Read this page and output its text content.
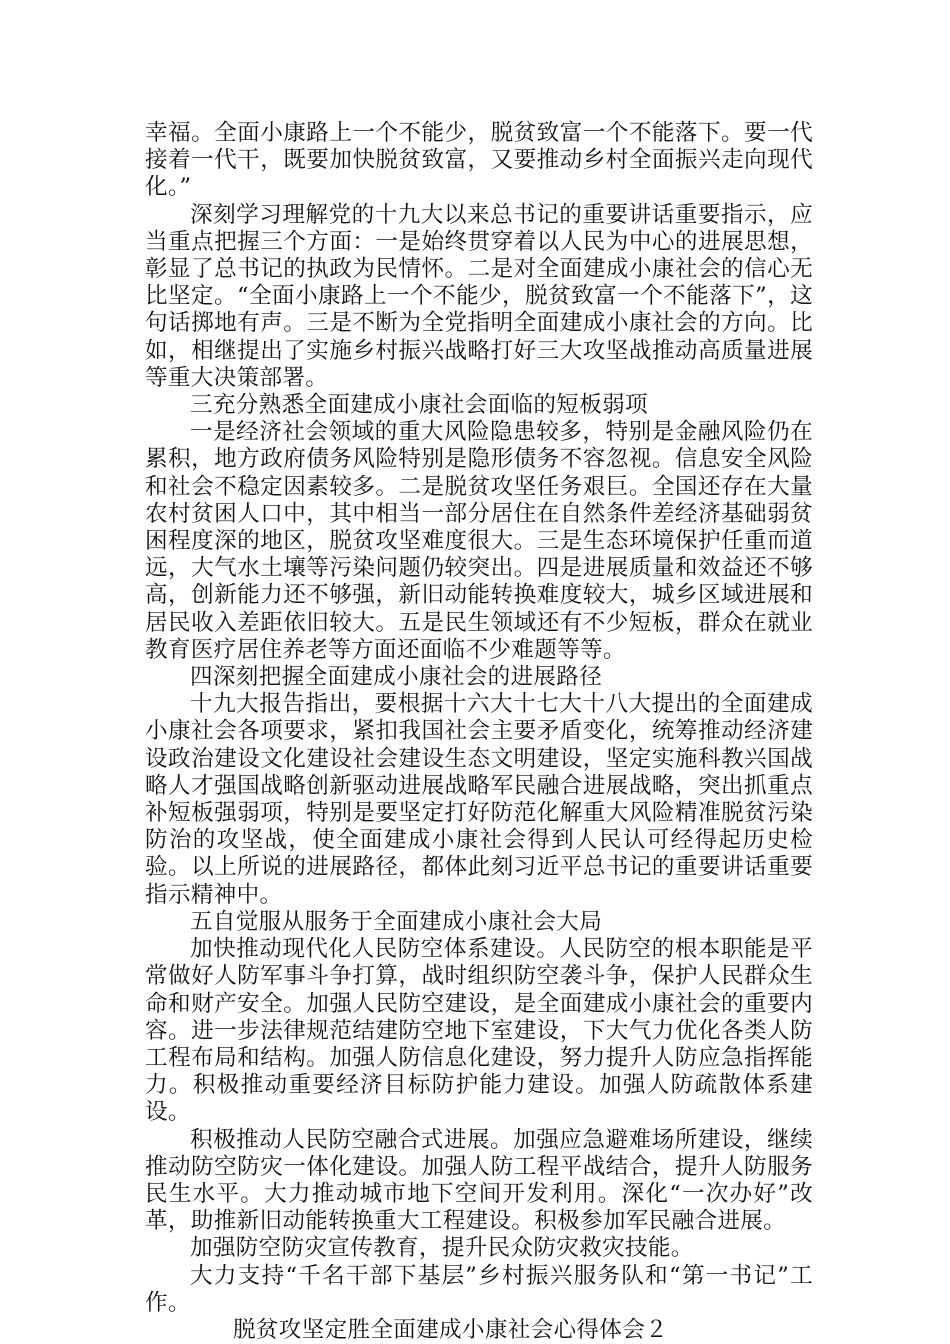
幸福。全面小康路上一个不能少，脱贫致富一个不能落下。要一代接着一代干，既要加快脱贫致富，又要推动乡村全面振兴走向现代化。”

深刻学习理解党的十九大以来总书记的重要讲话重要指示，应当重点把握三个方面：一是始终贯穿着以人民为中心的进展思想，彰显了总书记的执政为民情怀。二是对全面建成小康社会的信心无比坚定。“全面小康路上一个不能少，脱贫致富一个不能落下”，这句话掷地有声。三是不断为全党指明全面建成小康社会的方向。比如，相继提出了实施乡村振兴战略打好三大攻坚战推动高质量进展等重大决策部署。

三充分熟悉全面建成小康社会面临的短板弱项

一是经济社会领域的重大风险隐患较多，特别是金融风险仍在累积，地方政府债务风险特别是隐形债务不容忽视。信息安全风险和社会不稳定因素较多。二是脱贫攻坚任务艰巨。全国还存在大量农村贫困人口中，其中相当一部分居住在自然条件差经济基础弱贫困程度深的地区，脱贫攻坚难度很大。三是生态环境保护任重而道远，大气水土壤等污染问题仍较突出。四是进展质量和效益还不够高，创新能力还不够强，新旧动能转换难度较大，城乡区域进展和居民收入差距依旧较大。五是民生领域还有不少短板，群众在就业教育医疗居住养老等方面还面临不少难题等等。

四深刻把握全面建成小康社会的进展路径

十九大报告指出，要根据十六大十七大十八大提出的全面建成小康社会各项要求，紧扣我国社会主要矛盾变化，统筹推动经济建设政治建设文化建设社会建设生态文明建设，坚定实施科教兴国战略人才强国战略创新驱动进展战略军民融合进展战略，突出抓重点补短板强弱项，特别是要坚定打好防范化解重大风险精准脱贫污染防治的攻坚战，使全面建成小康社会得到人民认可经得起历史检验。以上所说的进展路径，都体此刻习近平总书记的重要讲话重要指示精神中。

五自觉服从服务于全面建成小康社会大局

加快推动现代化人民防空体系建设。人民防空的根本职能是平常做好人防军事斗争打算，战时组织防空袭斗争，保护人民群众生命和财产安全。加强人民防空建设，是全面建成小康社会的重要内容。进一步法律规范结建防空地下室建设，下大气力优化各类人防工程布局和结构。加强人防信息化建设，努力提升人防应急指挥能力。积极推动重要经济目标防护能力建设。加强人防疏散体系建设。

积极推动人民防空融合式进展。加强应急避难场所建设，继续推动防空防灾一体化建设。加强人防工程平战结合，提升人防服务民生水平。大力推动城市地下空间开发利用。深化“一次办好”改革，助推新旧动能转换重大工程建设。积极参加军民融合进展。

加强防空防灾宣传教育，提升民众防灾救灾技能。

大力支持“千名干部下基层”乡村振兴服务队和“第一书记”工作。

脱贫攻坚定胜全面建成小康社会心得体会２
